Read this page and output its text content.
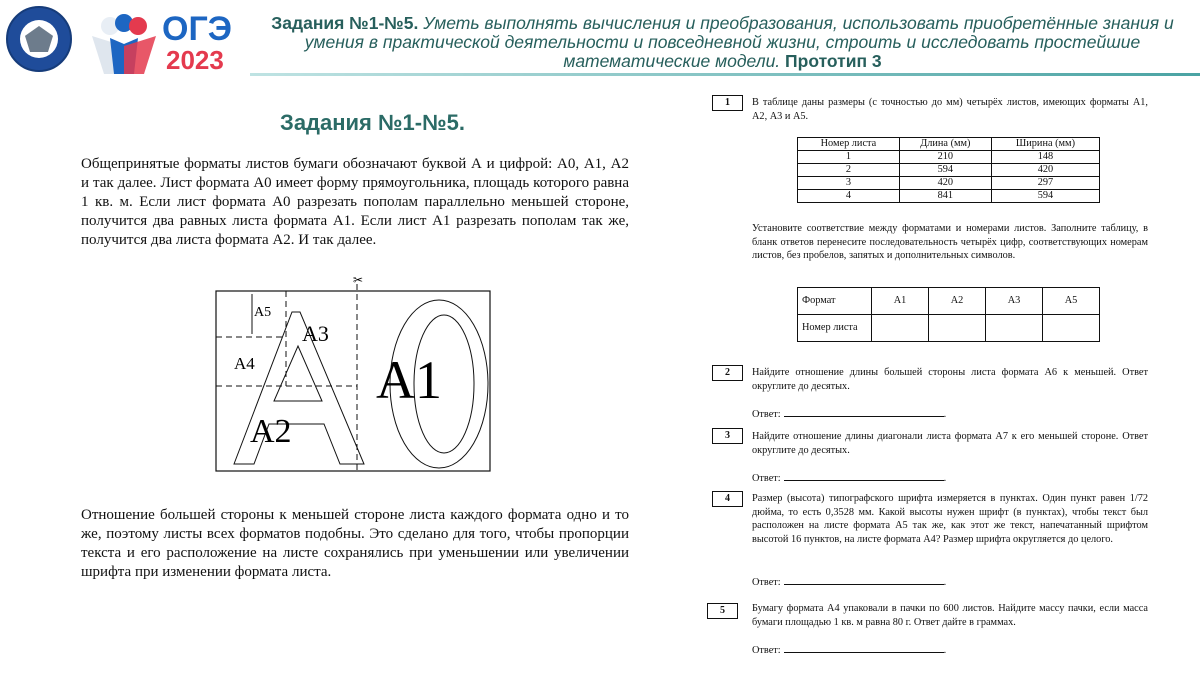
ОГЭ
2023
Задания №1-№5. Уметь выполнять вычисления и преобразования, использовать приобретённые знания и умения в практической деятельности и повседневной жизни, строить и исследовать простейшие математические модели. Прототип 3
Задания №1-№5.
Общепринятые форматы листов бумаги обозначают буквой А и цифрой: А0, А1, А2 и так далее. Лист формата А0 имеет форму прямоугольника, площадь которого равна 1 кв. м. Если лист формата А0 разрезать пополам параллельно меньшей стороне, получится два равных листа формата А1. Если лист А1 разрезать пополам так же, получится два листа формата А2. И так далее.
А5
А3
А4
А2
А1
✂
Отношение большей стороны к меньшей стороне листа каждого формата одно и то же, поэтому листы всех форматов подобны. Это сделано для того, чтобы пропорции текста и его расположение на листе сохранялись при уменьшении или увеличении шрифта при изменении формата листа.
1	В таблице даны размеры (с точностью до мм) четырёх листов, имеющих форматы А1, А2, А3 и А5.
Номер листа	Длина (мм)	Ширина (мм)
1	210	148
2	594	420
3	420	297
4	841	594
Установите соответствие между форматами и номерами листов. Заполните таблицу, в бланк ответов перенесите последовательность четырёх цифр, соответствующих номерам листов, без пробелов, запятых и дополнительных символов.
Формат	А1	А2	А3	А5
Номер листа				
2	Найдите отношение длины большей стороны листа формата А6 к меньшей. Ответ округлите до десятых.
Ответ:	.
3	Найдите отношение длины диагонали листа формата А7 к его меньшей стороне. Ответ округлите до десятых.
Ответ:	.
4	Размер (высота) типографского шрифта измеряется в пунктах. Один пункт равен 1/72 дюйма, то есть 0,3528 мм. Какой высоты нужен шрифт (в пунктах), чтобы текст был расположен на листе формата А5 так же, как этот же текст, напечатанный шрифтом высотой 16 пунктов, на листе формата А4? Размер шрифта округляется до целого.
Ответ:	.
5	Бумагу формата А4 упаковали в пачки по 600 листов. Найдите массу пачки, если масса бумаги площадью 1 кв. м равна 80 г. Ответ дайте в граммах.
Ответ:	.
